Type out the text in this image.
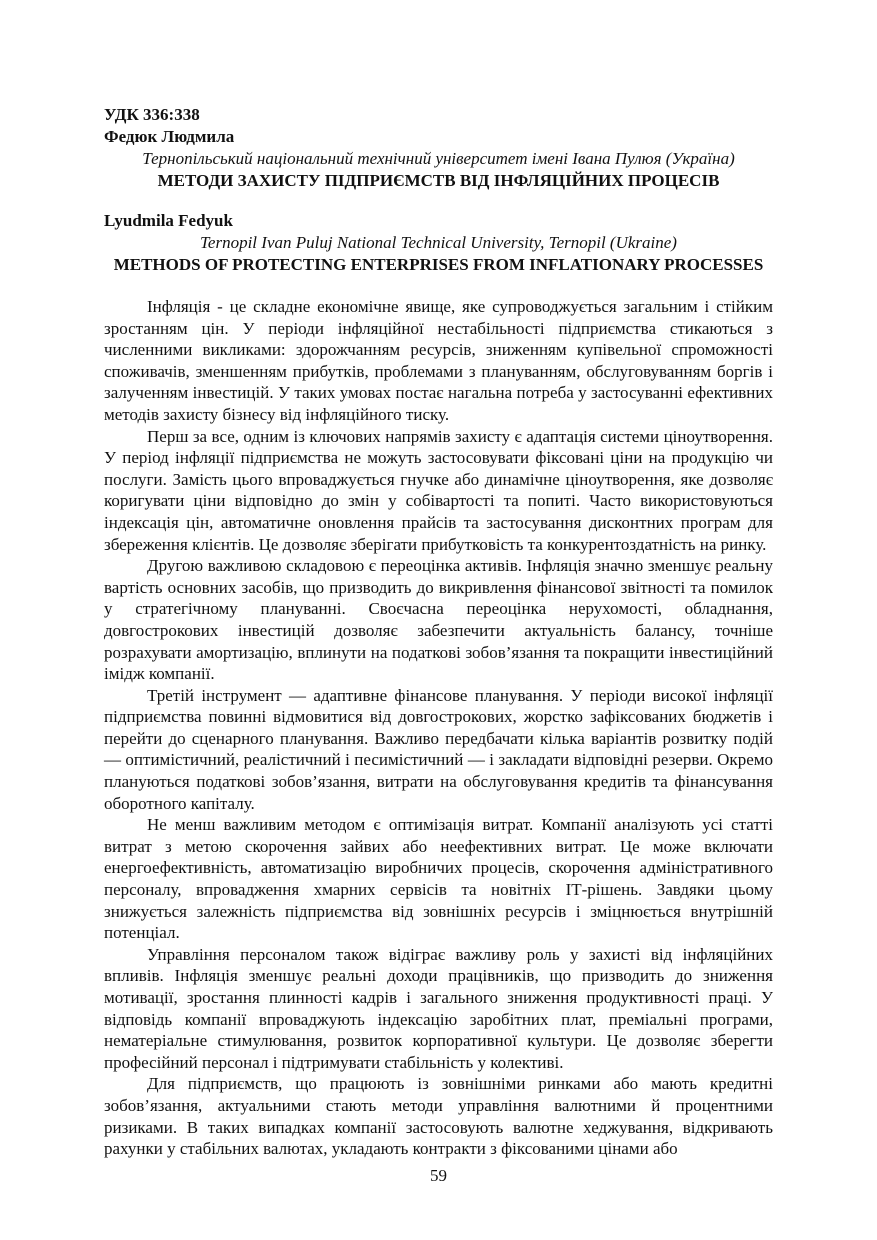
УДК 336:338

Федюк Людмила

Тернопільський національний технічний університет імені Івана Пулюя (Україна)

МЕТОДИ ЗАХИСТУ ПІДПРИЄМСТВ ВІД ІНФЛЯЦІЙНИХ ПРОЦЕСІВ

Lyudmila Fedyuk

Ternopil Ivan Puluj National Technical University, Ternopil (Ukraine)

METHODS OF PROTECTING ENTERPRISES FROM INFLATIONARY PROCESSES

Інфляція - це складне економічне явище, яке супроводжується загальним і стійким зростанням цін. У періоди інфляційної нестабільності підприємства стикаються з численними викликами: здорожчанням ресурсів, зниженням купівельної спроможності споживачів, зменшенням прибутків, проблемами з плануванням, обслуговуванням боргів і залученням інвестицій. У таких умовах постає нагальна потреба у застосуванні ефективних методів захисту бізнесу від інфляційного тиску.

Перш за все, одним із ключових напрямів захисту є адаптація системи ціноутворення. У період інфляції підприємства не можуть застосовувати фіксовані ціни на продукцію чи послуги. Замість цього впроваджується гнучке або динамічне ціноутворення, яке дозволяє коригувати ціни відповідно до змін у собівартості та попиті. Часто використовуються індексація цін, автоматичне оновлення прайсів та застосування дисконтних програм для збереження клієнтів. Це дозволяє зберігати прибутковість та конкурентоздатність на ринку.

Другою важливою складовою є переоцінка активів. Інфляція значно зменшує реальну вартість основних засобів, що призводить до викривлення фінансової звітності та помилок у стратегічному плануванні. Своєчасна переоцінка нерухомості, обладнання, довгострокових інвестицій дозволяє забезпечити актуальність балансу, точніше розрахувати амортизацію, вплинути на податкові зобов’язання та покращити інвестиційний імідж компанії.

Третій інструмент — адаптивне фінансове планування. У періоди високої інфляції підприємства повинні відмовитися від довгострокових, жорстко зафіксованих бюджетів і перейти до сценарного планування. Важливо передбачати кілька варіантів розвитку подій — оптимістичний, реалістичний і песимістичний — і закладати відповідні резерви. Окремо плануються податкові зобов’язання, витрати на обслуговування кредитів та фінансування оборотного капіталу.

Не менш важливим методом є оптимізація витрат. Компанії аналізують усі статті витрат з метою скорочення зайвих або неефективних витрат. Це може включати енергоефективність, автоматизацію виробничих процесів, скорочення адміністративного персоналу, впровадження хмарних сервісів та новітніх ІТ-рішень. Завдяки цьому знижується залежність підприємства від зовнішніх ресурсів і зміцнюється внутрішній потенціал.

Управління персоналом також відіграє важливу роль у захисті від інфляційних впливів. Інфляція зменшує реальні доходи працівників, що призводить до зниження мотивації, зростання плинності кадрів і загального зниження продуктивності праці. У відповідь компанії впроваджують індексацію заробітних плат, преміальні програми, нематеріальне стимулювання, розвиток корпоративної культури. Це дозволяє зберегти професійний персонал і підтримувати стабільність у колективі.

Для підприємств, що працюють із зовнішніми ринками або мають кредитні зобов’язання, актуальними стають методи управління валютними й процентними ризиками. В таких випадках компанії застосовують валютне хеджування, відкривають рахунки у стабільних валютах, укладають контракти з фіксованими цінами або

59
